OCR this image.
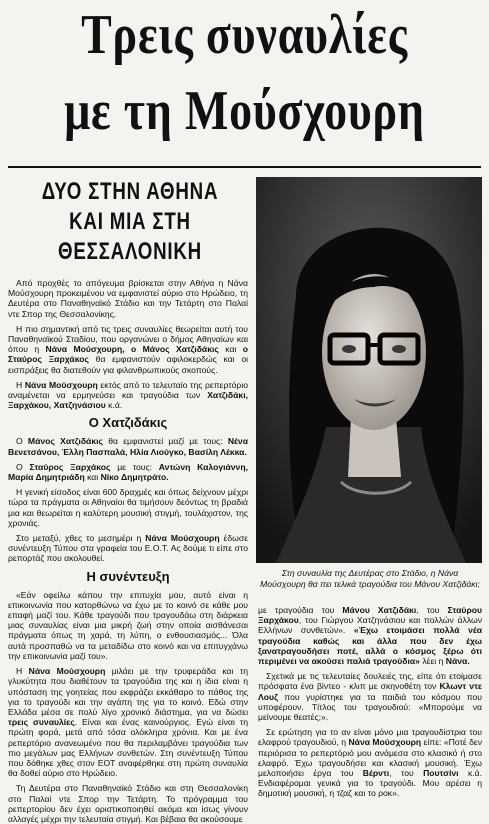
Τρεις συναυλίες
με τη Μούσχουρη
ΔΥΟ ΣΤΗΝ ΑΘΗΝΑ
ΚΑΙ ΜΙΑ ΣΤΗ
ΘΕΣΣΑΛΟΝΙΚΗ

Από προχθές το απόγευμα βρίσκεται στην Αθήνα η Νάνα Μούσχουρη προκειμένου να εμφανιστεί αύριο στο Ηρώδειο, τη Δευτέρα στο Παναθηναϊκό Στάδιο και την Τετάρτη στο Παλαί ντε Σπορ της Θεσσαλονίκης.

Η πιο σημαντική από τις τρεις συναυλίες θεωρείται αυτή του Παναθηναϊκού Σταδίου, που οργανώνει ο δήμος Αθηναίων και όπου η Νάνα Μούσχουρη, ο Μάνος Χατζιδάκις και ο Σταύρος Ξαρχάκος θα εμφανιστούν αφιλοκερδώς και οι εισπράξεις θα διατεθούν για φιλανθρωπικούς σκοπούς.

Η Νάνα Μούσχουρη εκτός από το τελευταίο της ρεπερτόριο αναμένεται να ερμηνεύσει και τραγούδια των Χατζιδάκι, Ξαρχάκου, Χατζηνάσιου κ.ά.

Ο Χατζιδάκις

Ο Μάνος Χατζιδάκις θα εμφανιστεί μαζί με τους: Νένα Βενετσάνου, Έλλη Πασπαλά, Ηλία Λιούγκο, Βασίλη Λέκκα.

Ο Σταύρος Ξαρχάκος με τους: Αντώνη Καλογιάννη, Μαρία Δημητριάδη και Νίκο Δημητράτο.

Η γενική είσοδος είναι 600 δραχμές και όπως δείχνουν μέχρι τώρα τα πράγματα οι Αθηναίοι θα τιμήσουν δεόντως τη βραδιά μια και θεωρείται η καλύτερη μουσική στιγμή, τουλάχιστον, της χρονιάς.

Στο μεταξύ, χθες το μεσημέρι η Νάνα Μούσχουρη έδωσε συνέντευξη Τύπου στα γραφεία του Ε.Ο.Τ. Ας δούμε τι είπε στο ρεπορτάζ που ακολουθεί.

Η συνέντευξη

«Εάν οφείλω κάπου την επιτυχία μου, αυτό είναι η επικοινωνία που κατορθώνω να έχω με το κοινό σε κάθε μου επαφή μαζί του. Κάθε τραγούδι που τραγουδάω στη διάρκεια μιας συναυλίας είναι μια μικρή ζωή στην οποία αισθάνεσαι πράγματα όπως τη χαρά, τη λύπη, ο ενθουσιασμός... Όλα αυτά προσπαθώ να τα μεταδίδω στο κοινό και να επιτυγχάνω την επικοινωνία μαζί του».

Η Νάνα Μούσχουρη μιλάει με την τρυφεράδα και τη γλυκύτητα που διαθέτουν τα τραγούδια της και η ίδια είναι η υπόσταση της γοητείας που εκφράζει εκκάθαρο το πάθος της για το τραγούδι και την αγάπη της για το κοινό. Εδώ στην Ελλάδα μέσα σε πολύ λίγο χρονικό διάστημα, για να δώσει τρεις συναυλίες. Είναι και ένας καινούργιος. Εγώ είναι τη πρώτη φορά, μετά από τόσα ολόκληρα χρόνια. Και με ένα ρεπερτόριο ανανεωμένο που θα περιλαμβάνει τραγούδια των πιο μεγάλων μας Ελλήνων συνθετών. Στη συνέντευξη Τύπου που δόθηκε χθες στον ΕΟΤ αναφέρθηκε στη πρώτη συναυλία θα δοθεί αύριο στο Ηρώδειο.

Τη Δευτέρα στο Παναθηναϊκό Στάδιο και στη Θεσσαλονίκη στο Παλαί ντε Σπορ την Τετάρτη. Το πρόγραμμα του ρεπερτορίου δεν έχει οριστικοποιηθεί ακόμα και ίσως γίνουν αλλαγές μέχρι την τελευταία στιγμή. Και βέβαια θα ακούσουμε

Στη συναυλία της Δευτέρας στο Στάδιο, η Νάνα Μούσχουρη θα πει τελικά τραγούδια του Μάνου Χατζιδάκι;

με τραγούδια του Μάνου Χατζιδάκι, του Σταύρου Ξαρχάκου, του Γιώργου Χατζηνάσιου και πολλών άλλων Ελλήνων συνθετών». «Έχω ετοιμάσει πολλά νέα τραγούδια καθώς και άλλα που δεν έχω ξανατραγουδήσει ποτέ, αλλά ο κόσμος ξέρω ότι περιμένει να ακούσει παλιά τραγούδια» λέει η Νάνα.

Σχετικά με τις τελευταίες δουλειές της, είπε ότι ετοίμασε πρόσφατα ένα βίντεο - κλιπ με σκηνοθέτη τον Κλωντ ντε Λουζ που γυρίστηκε για τα παιδιά του κόσμου που υποφέρουν. Τίτλος του τραγουδιού: «Μπορούμε να μείνουμε θεατές;».

Σε ερώτηση για το αν είναι μόνο μια τραγουδίστρια του ελαφρού τραγουδιού, η Νάνα Μούσχουρη είπε: «Ποτέ δεν περιόρισα το ρεπερτόριό μου ανάμεσα στο κλασικό ή στο ελαφρό. Έχω τραγουδήσει και κλασική μουσική. Έχω μελοποιήσει έργα του Βέρντι, του Πουτσίνι κ.ά. Ενδιαφέρομαι γενικά για το τραγούδι. Μου αρέσει η δημοτική μουσική, η τζαζ και το ροκ».
